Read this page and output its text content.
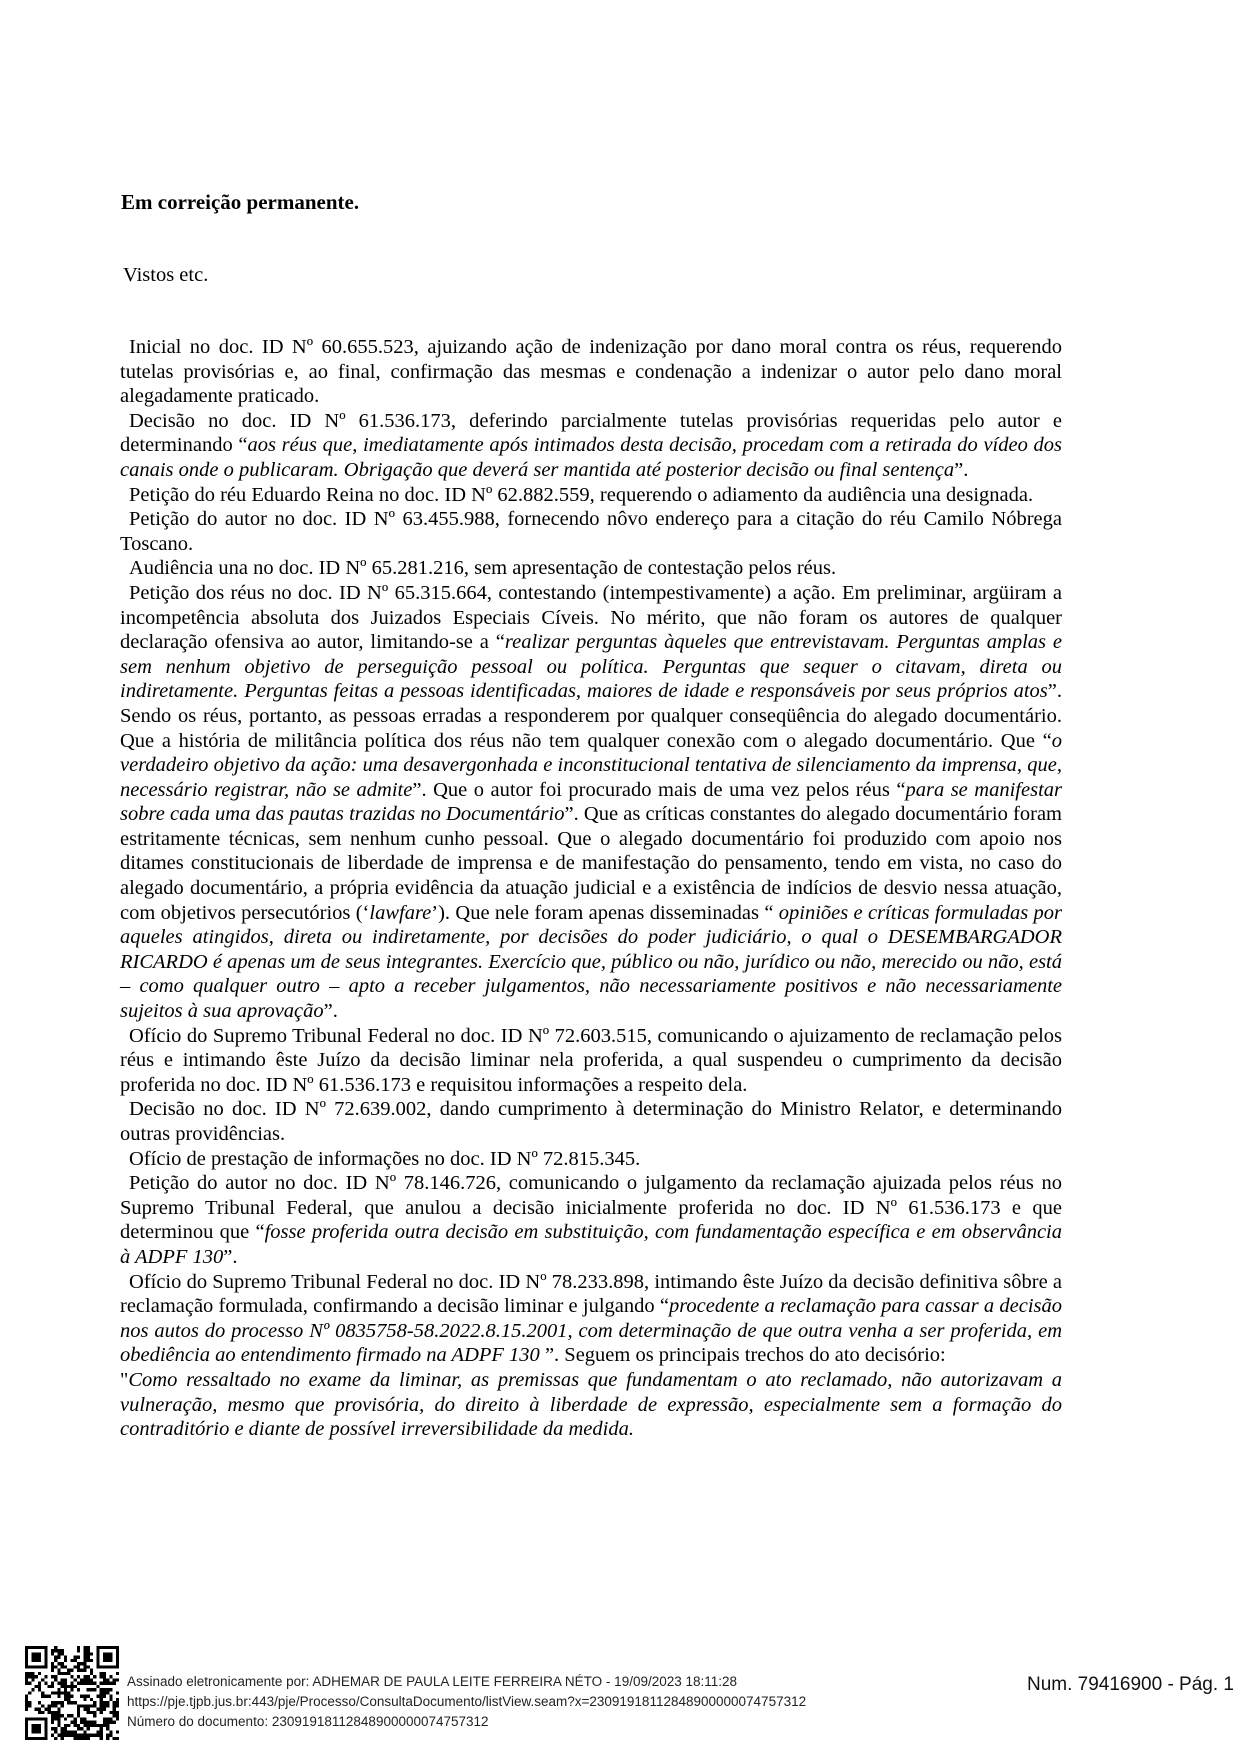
Em correição permanente.

Vistos etc.

Inicial no doc. ID Nº 60.655.523, ajuizando ação de indenização por dano moral contra os réus, requerendo tutelas provisórias e, ao final, confirmação das mesmas e condenação a indenizar o autor pelo dano moral alegadamente praticado.

Decisão no doc. ID Nº 61.536.173, deferindo parcialmente tutelas provisórias requeridas pelo autor e determinando “aos réus que, imediatamente após intimados desta decisão, procedam com a retirada do vídeo dos canais onde o publicaram. Obrigação que deverá ser mantida até posterior decisão ou final sentença”.

Petição do réu Eduardo Reina no doc. ID Nº 62.882.559, requerendo o adiamento da audiência una designada.

Petição do autor no doc. ID Nº 63.455.988, fornecendo nôvo endereço para a citação do réu Camilo Nóbrega Toscano.

Audiência una no doc. ID Nº 65.281.216, sem apresentação de contestação pelos réus.

Petição dos réus no doc. ID Nº 65.315.664, contestando (intempestivamente) a ação. Em preliminar, argüiram a incompetência absoluta dos Juizados Especiais Cíveis. No mérito, que não foram os autores de qualquer declaração ofensiva ao autor, limitando-se a “realizar perguntas àqueles que entrevistavam. Perguntas amplas e sem nenhum objetivo de perseguição pessoal ou política. Perguntas que sequer o citavam, direta ou indiretamente. Perguntas feitas a pessoas identificadas, maiores de idade e responsáveis por seus próprios atos”. Sendo os réus, portanto, as pessoas erradas a responderem por qualquer conseqüência do alegado documentário. Que a história de militância política dos réus não tem qualquer conexão com o alegado documentário. Que “o verdadeiro objetivo da ação: uma desavergonhada e inconstitucional tentativa de silenciamento da imprensa, que, necessário registrar, não se admite”. Que o autor foi procurado mais de uma vez pelos réus “para se manifestar sobre cada uma das pautas trazidas no Documentário”. Que as críticas constantes do alegado documentário foram estritamente técnicas, sem nenhum cunho pessoal. Que o alegado documentário foi produzido com apoio nos ditames constitucionais de liberdade de imprensa e de manifestação do pensamento, tendo em vista, no caso do alegado documentário, a própria evidência da atuação judicial e a existência de indícios de desvio nessa atuação, com objetivos persecutórios (‘lawfare’). Que nele foram apenas disseminadas “ opiniões e críticas formuladas por aqueles atingidos, direta ou indiretamente, por decisões do poder judiciário, o qual o DESEMBARGADOR RICARDO é apenas um de seus integrantes. Exercício que, público ou não, jurídico ou não, merecido ou não, está – como qualquer outro – apto a receber julgamentos, não necessariamente positivos e não necessariamente sujeitos à sua aprovação”.

Ofício do Supremo Tribunal Federal no doc. ID Nº 72.603.515, comunicando o ajuizamento de reclamação pelos réus e intimando êste Juízo da decisão liminar nela proferida, a qual suspendeu o cumprimento da decisão proferida no doc. ID Nº 61.536.173 e requisitou informações a respeito dela.

Decisão no doc. ID Nº 72.639.002, dando cumprimento à determinação do Ministro Relator, e determinando outras providências.

Ofício de prestação de informações no doc. ID Nº 72.815.345.

Petição do autor no doc. ID Nº 78.146.726, comunicando o julgamento da reclamação ajuizada pelos réus no Supremo Tribunal Federal, que anulou a decisão inicialmente proferida no doc. ID Nº 61.536.173 e que determinou que “fosse proferida outra decisão em substituição, com fundamentação específica e em observância à ADPF 130”.

Ofício do Supremo Tribunal Federal no doc. ID Nº 78.233.898, intimando êste Juízo da decisão definitiva sôbre a reclamação formulada, confirmando a decisão liminar e julgando “procedente a reclamação para cassar a decisão nos autos do processo Nº 0835758-58.2022.8.15.2001, com determinação de que outra venha a ser proferida, em obediência ao entendimento firmado na ADPF 130 ”. Seguem os principais trechos do ato decisório:

"Como ressaltado no exame da liminar, as premissas que fundamentam o ato reclamado, não autorizavam a vulneração, mesmo que provisória, do direito à liberdade de expressão, especialmente sem a formação do contraditório e diante de possível irreversibilidade da medida.

Assinado eletronicamente por: ADHEMAR DE PAULA LEITE FERREIRA NÉTO - 19/09/2023 18:11:28
https://pje.tjpb.jus.br:443/pje/Processo/ConsultaDocumento/listView.seam?x=23091918112848900000074757312
Número do documento: 23091918112848900000074757312
Num. 79416900 - Pág. 1
